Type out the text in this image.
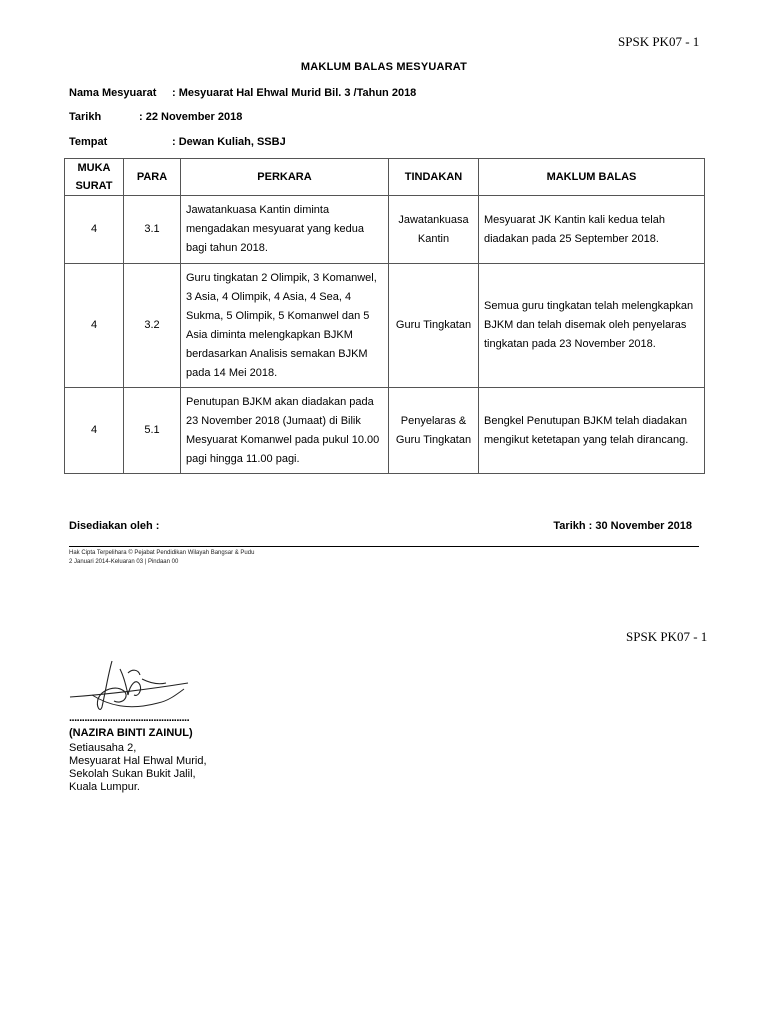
SPSK PK07 - 1
MAKLUM BALAS MESYUARAT
Nama Mesyuarat : Mesyuarat Hal Ehwal Murid Bil. 3 /Tahun 2018
Tarikh	: 22 November 2018
Tempat	: Dewan Kuliah, SSBJ
MUKA SURAT	PARA	PERKARA	TINDAKAN	MAKLUM BALAS
4	3.1	Jawatankuasa Kantin diminta mengadakan mesyuarat yang kedua bagi tahun 2018.	Jawatankuasa Kantin	Mesyuarat JK Kantin kali kedua telah diadakan pada 25 September 2018.
4	3.2	Guru tingkatan 2 Olimpik, 3 Komanwel, 3 Asia, 4 Olimpik, 4 Asia, 4 Sea, 4 Sukma, 5 Olimpik, 5 Komanwel dan 5 Asia diminta melengkapkan BJKM berdasarkan Analisis semakan BJKM pada 14 Mei 2018.	Guru Tingkatan	Semua guru tingkatan telah melengkapkan BJKM dan telah disemak oleh penyelaras tingkatan pada 23 November 2018.
4	5.1	Penutupan BJKM akan diadakan pada 23 November 2018 (Jumaat) di Bilik Mesyuarat Komanwel pada pukul 10.00 pagi hingga 11.00 pagi.	Penyelaras & Guru Tingkatan	Bengkel Penutupan BJKM telah diadakan mengikut ketetapan yang telah dirancang.
Disediakan oleh :	Tarikh : 30 November 2018
Hak Cipta Terpelihara © Pejabat Pendidikan Wilayah Bangsar & Pudu
2 Januari 2014-Keluaran 03 | Pindaan 00
SPSK PK07 - 1
...............................................
(NAZIRA BINTI ZAINUL)
Setiausaha 2,
Mesyuarat Hal Ehwal Murid,
Sekolah Sukan Bukit Jalil,
Kuala Lumpur.
